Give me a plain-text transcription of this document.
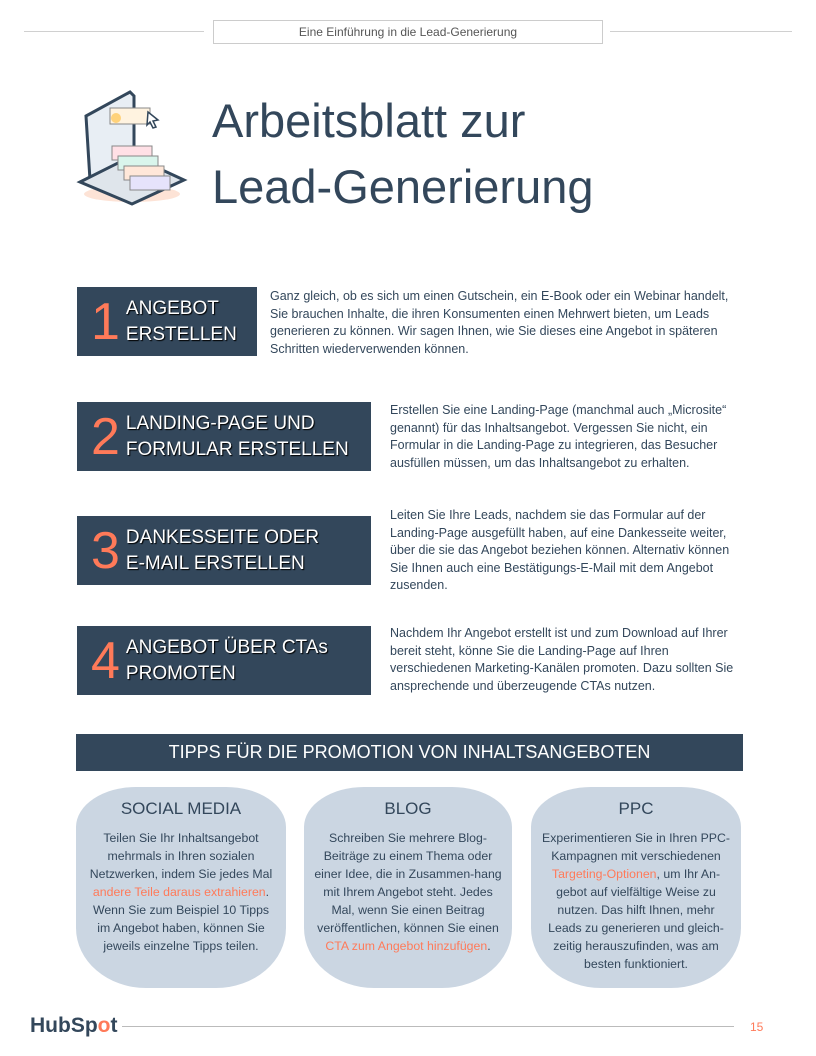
Eine Einführung in die Lead-Generierung
Arbeitsblatt zur
Lead-Generierung
1 ANGEBOT
ERSTELLEN
Ganz gleich, ob es sich um einen Gutschein, ein E-Book oder ein Webinar handelt, Sie brauchen Inhalte, die ihren Konsumenten einen Mehrwert bieten, um Leads generieren zu können. Wir sagen Ihnen, wie Sie dieses eine Angebot in späteren Schritten wiederverwenden können.
2 LANDING-PAGE UND
FORMULAR ERSTELLEN
Erstellen Sie eine Landing-Page (manchmal auch „Microsite“ genannt) für das Inhaltsangebot. Vergessen Sie nicht, ein Formular in die Landing-Page zu integrieren, das Besucher ausfüllen müssen, um das Inhaltsangebot zu erhalten.
3 DANKESSEITE ODER
E-MAIL ERSTELLEN
Leiten Sie Ihre Leads, nachdem sie das Formular auf der Landing-Page ausgefüllt haben, auf eine Dankesseite weiter, über die sie das Angebot beziehen können. Alternativ können Sie Ihnen auch eine Bestätigungs-E-Mail mit dem Angebot zusenden.
4 ANGEBOT ÜBER CTAs
PROMOTEN
Nachdem Ihr Angebot erstellt ist und zum Download auf Ihrer bereit steht, könne Sie die Landing-Page auf Ihren verschiedenen Marketing-Kanälen promoten. Dazu sollten Sie ansprechende und überzeugende CTAs nutzen.
TIPPS FÜR DIE PROMOTION VON INHALTSANGEBOTEN
SOCIAL MEDIA

Teilen Sie Ihr Inhaltsangebot mehrmals in Ihren sozialen Netzwerken, indem Sie jedes Mal andere Teile daraus extrahieren. Wenn Sie zum Beispiel 10 Tipps im Angebot haben, können Sie jeweils einzelne Tipps teilen.

BLOG

Schreiben Sie mehrere Blog-Beiträge zu einem Thema oder einer Idee, die in Zusammen-hang mit Ihrem Angebot steht. Jedes Mal, wenn Sie einen Beitrag veröffentlichen, können Sie einen CTA zum Angebot hinzufügen.

PPC

Experimentieren Sie in Ihren PPC-Kampagnen mit verschiedenen Targeting-Optionen, um Ihr An-gebot auf vielfältige Weise zu nutzen. Das hilft Ihnen, mehr Leads zu generieren und gleich-zeitig herauszufinden, was am besten funktioniert.

HubSpot	15
